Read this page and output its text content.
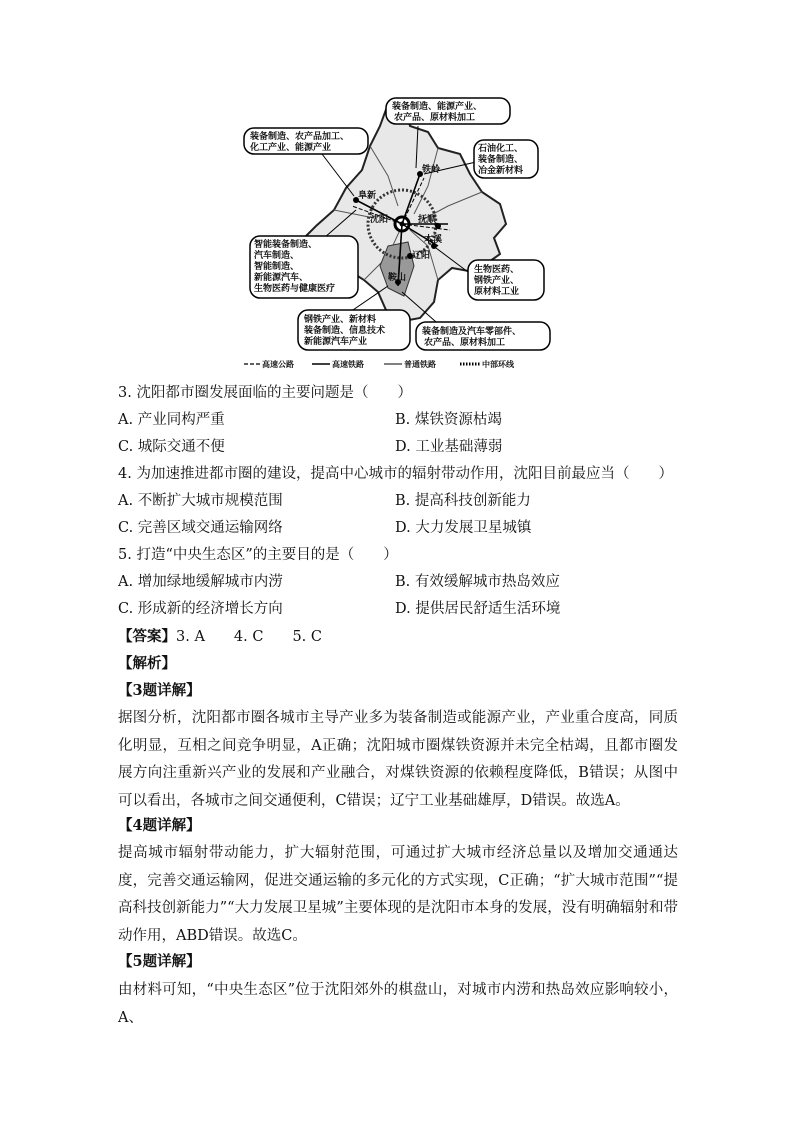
铁岭
阜新
沈阳	抚顺
本溪
辽阳
鞍山
装备制造、能源产业、
农产品、原材料加工
装备制造、农产品加工、
化工产业、能源产业	石油化工、
装备制造、
冶金新材料
智能装备制造、
汽车制造、
智能制造、
新能源汽车、
生物医药与健康医疗
生物医药、
钢铁产业、
原材料工业
钢铁产业、新材料
装备制造、信息技术
新能源汽车产业
装备制造及汽车零部件、
农产品、原材料加工
高速公路	高速铁路	普通铁路	中部环线
3. 沈阳都市圈发展面临的主要问题是（　　）
A. 产业同构严重	B. 煤铁资源枯竭
C. 城际交通不便	D. 工业基础薄弱
4. 为加速推进都市圈的建设，提高中心城市的辐射带动作用，沈阳目前最应当（　　）
A. 不断扩大城市规模范围	B. 提高科技创新能力
C. 完善区域交通运输网络	D. 大力发展卫星城镇
5. 打造“中央生态区”的主要目的是（　　）
A. 增加绿地缓解城市内涝	B. 有效缓解城市热岛效应
C. 形成新的经济增长方向	D. 提供居民舒适生活环境
【答案】3. A　　4. C　　5. C
【解析】
【3题详解】
据图分析，沈阳都市圈各城市主导产业多为装备制造或能源产业，产业重合度高，同质化明显，互相之间竞争明显，A正确；沈阳城市圈煤铁资源并未完全枯竭，且都市圈发展方向注重新兴产业的发展和产业融合，对煤铁资源的依赖程度降低，B错误；从图中可以看出，各城市之间交通便利，C错误；辽宁工业基础雄厚，D错误。故选A。
【4题详解】
提高城市辐射带动能力，扩大辐射范围，可通过扩大城市经济总量以及增加交通通达度，完善交通运输网，促进交通运输的多元化的方式实现，C正确；“扩大城市范围”“提高科技创新能力”“大力发展卫星城”主要体现的是沈阳市本身的发展，没有明确辐射和带动作用，ABD错误。故选C。
【5题详解】
由材料可知，“中央生态区”位于沈阳郊外的棋盘山，对城市内涝和热岛效应影响较小，A、
